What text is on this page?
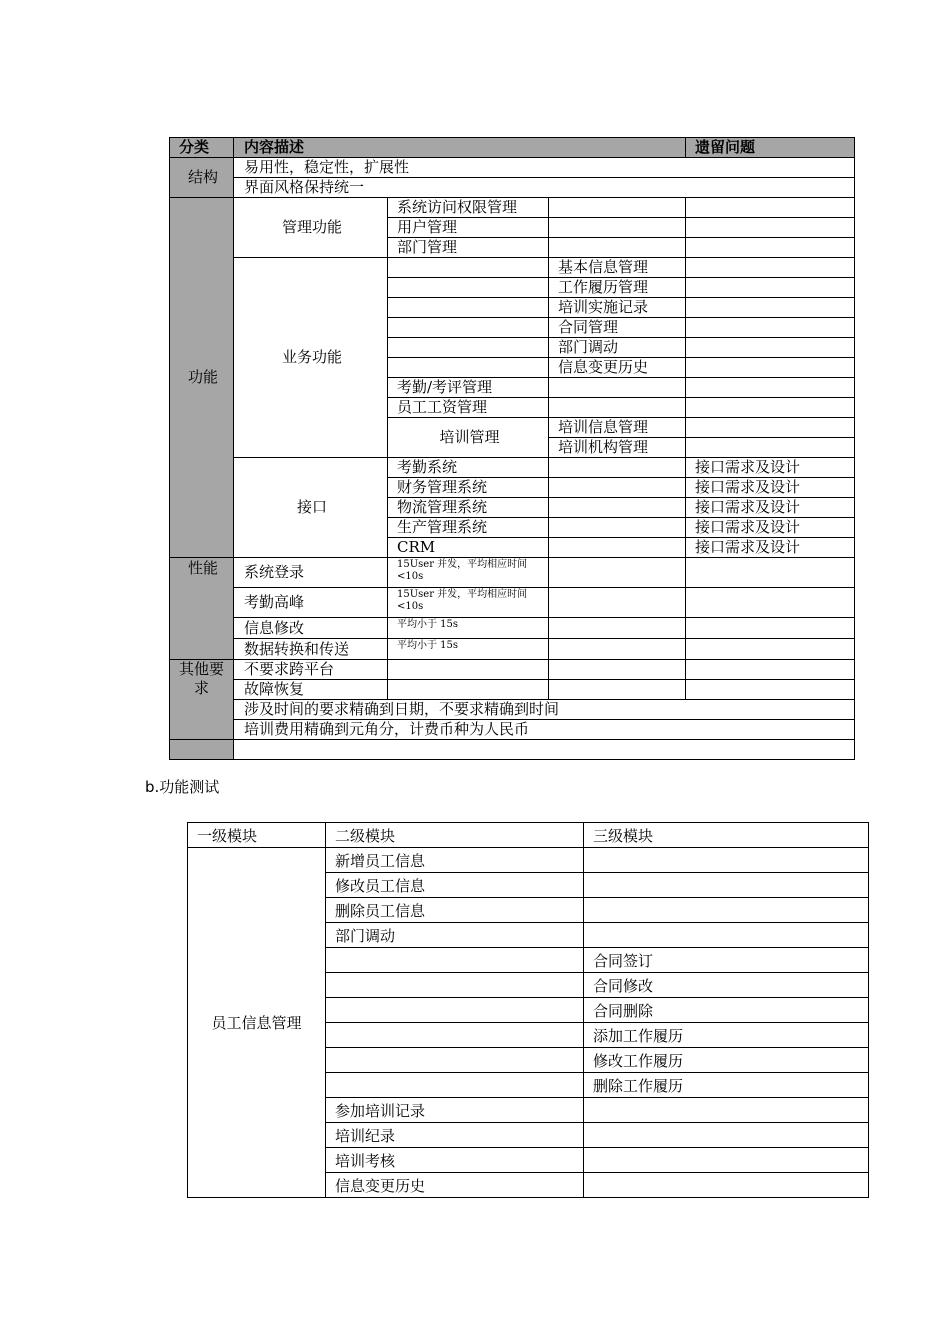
分类	内容描述			遗留问题
结构	易用性，稳定性，扩展性			
	界面风格保持统一			
功能	管理功能	系统访问权限管理		
		用户管理		
		部门管理		
	业务功能		基本信息管理	
			工作履历管理	
			培训实施记录	
			合同管理	
			部门调动	
			信息变更历史	
		考勤/考评管理		
		员工工资管理		
		培训管理	培训信息管理	
			培训机构管理	
	接口	考勤系统		接口需求及设计
		财务管理系统		接口需求及设计
		物流管理系统		接口需求及设计
		生产管理系统		接口需求及设计
		CRM		接口需求及设计
性能	系统登录	15User 并发，平均相应时间<10s		
	考勤高峰	15User 并发，平均相应时间<10s		
	信息修改	平均小于 15s		
	数据转换和传送	平均小于 15s		
其他要求	不要求跨平台			
	故障恢复			
	涉及时间的要求精确到日期，不要求精确到时间			
	培训费用精确到元角分，计费币种为人民币			

b.功能测试
一级模块	二级模块	三级模块
员工信息管理	新增员工信息	
	修改员工信息	
	删除员工信息	
	部门调动	
		合同签订
		合同修改
		合同删除
		添加工作履历
		修改工作履历
		删除工作履历
	参加培训记录	
	培训纪录	
	培训考核	
	信息变更历史	
